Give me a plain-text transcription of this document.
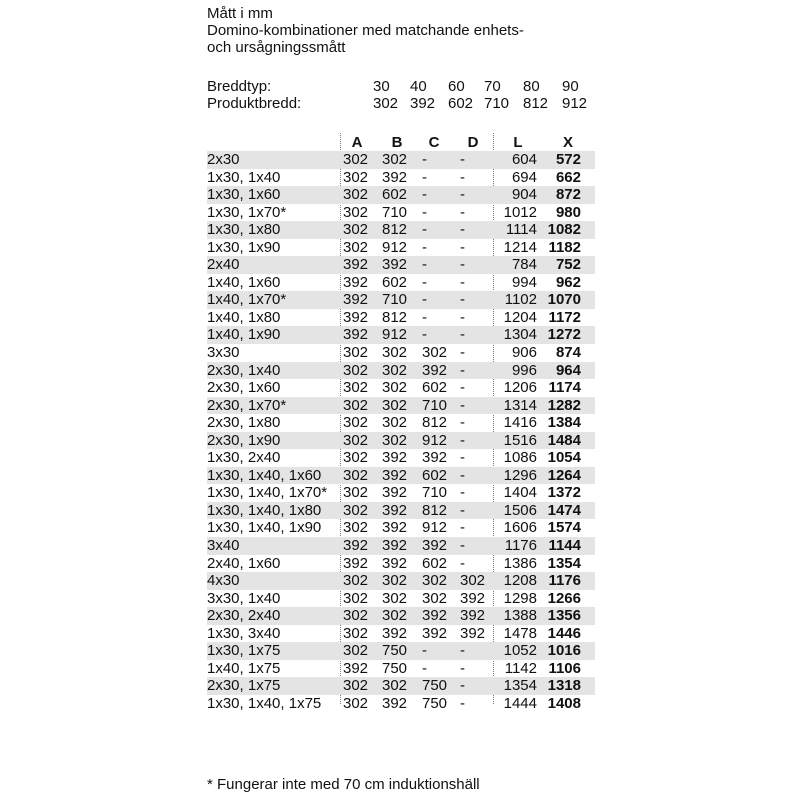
Mått i mm
Domino-kombinationer med matchande enhets-
och ursågningssmått
Breddtyp:	30	40	60	70	80	90
Produktbredd:	302 392 602 710 812 912
A	B	C	D	L	X
2x30	302 302 - -	604	572
1x30, 1x40	302 392 - -	694	662
1x30, 1x60	302 602 - -	904	872
1x30, 1x70*	302 710 - -	1012	980
1x30, 1x80	302 812 - -	1114 1082
1x30, 1x90	302 912 - -	1214 1182
2x40	392 392 - -	784	752
1x40, 1x60	392 602 - -	994	962
1x40, 1x70*	392 710 - -	1102 1070
1x40, 1x80	392 812 - -	1204 1172
1x40, 1x90	392 912 - -	1304 1272
3x30	302 302 302 -	906	874
2x30, 1x40	302 302 392 -	996	964
2x30, 1x60	302 302 602 -	1206 1174
2x30, 1x70*	302 302 710 -	1314 1282
2x30, 1x80	302 302 812 -	1416 1384
2x30, 1x90	302 302 912 -	1516 1484
1x30, 2x40	302 392 392 -	1086 1054
1x30, 1x40, 1x60 302 392 602 -	1296 1264
1x30, 1x40, 1x70* 302 392 710 -	1404 1372
1x30, 1x40, 1x80 302 392 812 -	1506 1474
1x30, 1x40, 1x90 302 392 912 -	1606 1574
3x40	392 392 392 -	1176 1144
2x40, 1x60	392 392 602 -	1386 1354
4x30	302 302 302 302	1208 1176
3x30, 1x40	302 302 302 392	1298 1266
2x30, 2x40	302 302 392 392	1388 1356
1x30, 3x40	302 392 392 392	1478 1446
1x30, 1x75	302 750 - -	1052 1016
1x40, 1x75	392 750 - -	1142 1106
2x30, 1x75	302 302 750 -	1354 1318
1x30, 1x40, 1x75 302 392 750 -	1444 1408
* Fungerar inte med 70 cm induktionshäll
